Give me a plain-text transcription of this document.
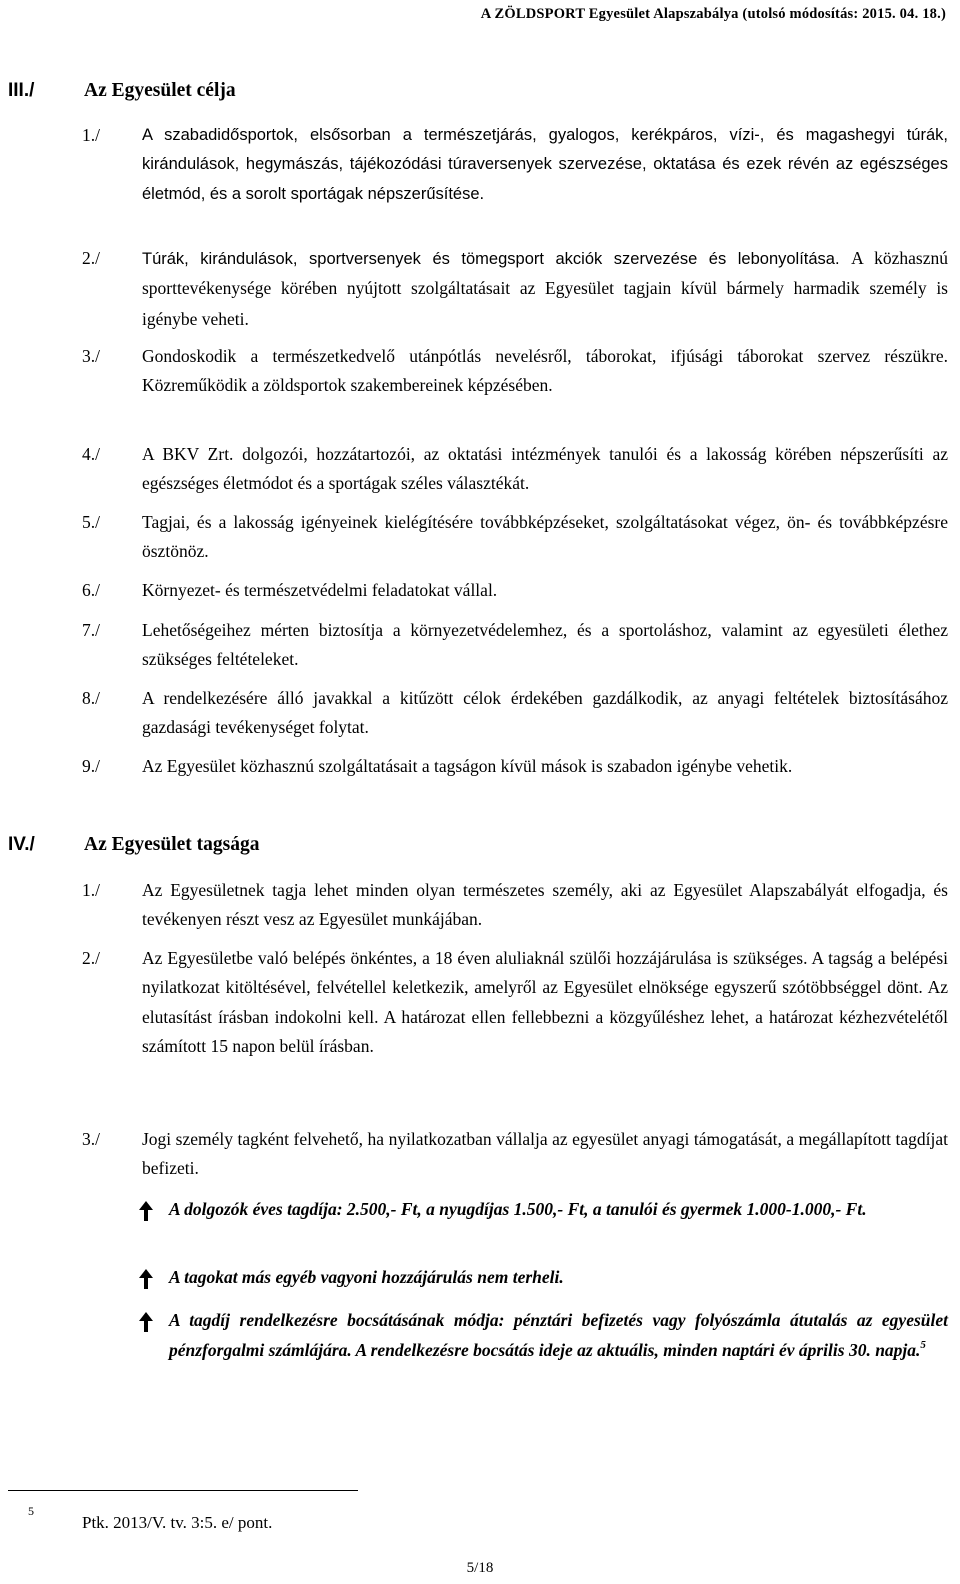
A ZÖLDSPORT Egyesület Alapszabálya (utolsó módosítás: 2015. 04. 18.)
III./	Az Egyesület célja
1./	A szabadidősportok, elsősorban a természetjárás, gyalogos, kerékpáros, vízi-, és magashegyi túrák, kirándulások, hegymászás, tájékozódási túraversenyek szervezése, oktatása és ezek révén az egészséges életmód, és a sorolt sportágak népszerűsítése.
2./	Túrák, kirándulások, sportversenyek és tömegsport akciók szervezése és lebonyolítása. A közhasznú sporttevékenysége körében nyújtott szolgáltatásait az Egyesület tagjain kívül bármely harmadik személy is igénybe veheti.
3./ Gondoskodik a természetkedvelő utánpótlás nevelésről, táborokat, ifjúsági táborokat szervez részükre. Közreműködik a zöldsportok szakembereinek képzésében.
4./ A BKV Zrt. dolgozói, hozzátartozói, az oktatási intézmények tanulói és a lakosság körében népszerűsíti az egészséges életmódot és a sportágak széles választékát.
5./ Tagjai, és a lakosság igényeinek kielégítésére továbbképzéseket, szolgáltatásokat végez, ön- és továbbképzésre ösztönöz.
6./ Környezet- és természetvédelmi feladatokat vállal.
7./ Lehetőségeihez mérten biztosítja a környezetvédelemhez, és a sportoláshoz, valamint az egyesületi élethez szükséges feltételeket.
8./ A rendelkezésére álló javakkal a kitűzött célok érdekében gazdálkodik, az anyagi feltételek biztosításához gazdasági tevékenységet folytat.
9./ Az Egyesület közhasznú szolgáltatásait a tagságon kívül mások is szabadon igénybe vehetik.
IV./	Az Egyesület tagsága
1./ Az Egyesületnek tagja lehet minden olyan természetes személy, aki az Egyesület Alapszabályát elfogadja, és tevékenyen részt vesz az Egyesület munkájában.
2./ Az Egyesületbe való belépés önkéntes, a 18 éven aluliaknál szülői hozzájárulása is szükséges. A tagság a belépési nyilatkozat kitöltésével, felvétellel keletkezik, amelyről az Egyesület elnöksége egyszerű szótöbbséggel dönt. Az elutasítást írásban indokolni kell. A határozat ellen fellebbezni a közgyűléshez lehet, a határozat kézhezvételétől számított 15 napon belül írásban.
3./ Jogi személy tagként felvehető, ha nyilatkozatban vállalja az egyesület anyagi támogatását, a megállapított tagdíjat befizeti.
A dolgozók éves tagdíja: 2.500,- Ft, a nyugdíjas 1.500,- Ft, a tanulói és gyermek 1.000-1.000,- Ft.
A tagokat más egyéb vagyoni hozzájárulás nem terheli.
A tagdíj rendelkezésre bocsátásának módja: pénztári befizetés vagy folyószámla átutalás az egyesület pénzforgalmi számlájára. A rendelkezésre bocsátás ideje az aktuális, minden naptári év április 30. napja.$^5$
5
Ptk. 2013/V. tv. 3:5. e/ pont.
5/18
